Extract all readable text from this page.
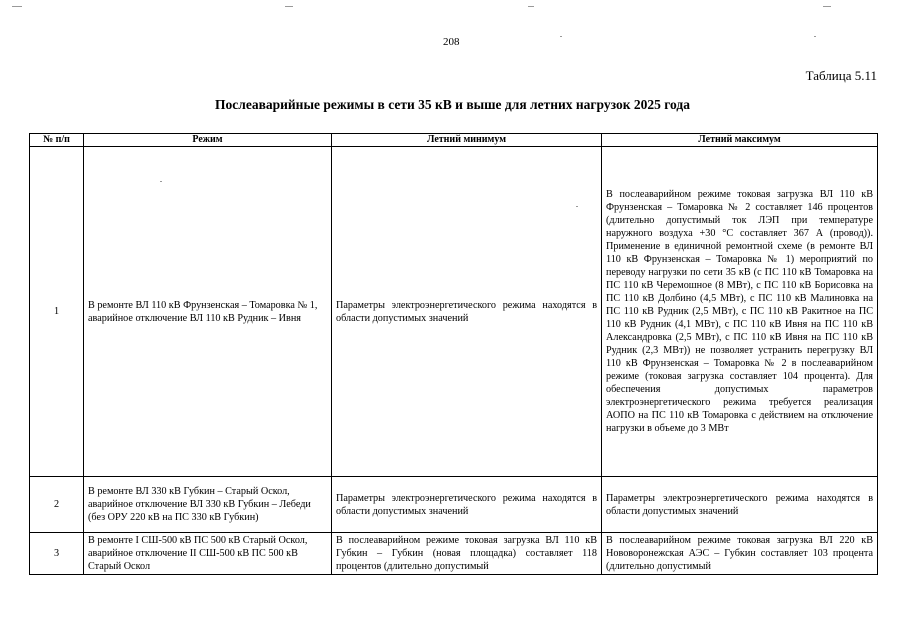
208
Таблица 5.11
Послеаварийные режимы в сети 35 кВ и выше для летних нагрузок 2025 года
№ п/п	Режим	Летний минимум	Летний максимум
1	В ремонте ВЛ 110 кВ Фрунзенская – Томаровка № 1, аварийное отключение ВЛ 110 кВ Рудник – Ивня	Параметры электроэнергетического режима находятся в области допустимых значений	В послеаварийном режиме токовая загрузка ВЛ 110 кВ Фрунзенская – Томаровка № 2 составляет 146 процентов (длительно допустимый ток ЛЭП при температуре наружного воздуха +30 °С составляет 367 А (провод)). Применение в единичной ремонтной схеме (в ремонте ВЛ 110 кВ Фрунзенская – Томаровка № 1) мероприятий по переводу нагрузки по сети 35 кВ (с ПС 110 кВ Томаровка на ПС 110 кВ Черемошное (8 МВт), с ПС 110 кВ Борисовка на ПС 110 кВ Долбино (4,5 МВт), с ПС 110 кВ Малиновка на ПС 110 кВ Рудник (2,5 МВт), с ПС 110 кВ Ракитное на ПС 110 кВ Рудник (4,1 МВт), с ПС 110 кВ Ивня на ПС 110 кВ Александровка (2,5 МВт), с ПС 110 кВ Ивня на ПС 110 кВ Рудник (2,3 МВт)) не позволяет устранить перегрузку ВЛ 110 кВ Фрунзенская – Томаровка № 2 в послеаварийном режиме (токовая загрузка составляет 104 процента). Для обеспечения допустимых параметров электроэнергетического режима требуется реализация АОПО на ПС 110 кВ Томаровка с действием на отключение нагрузки в объеме до 3 МВт
2	В ремонте ВЛ 330 кВ Губкин – Старый Оскол, аварийное отключение ВЛ 330 кВ Губкин – Лебеди (без ОРУ 220 кВ на ПС 330 кВ Губкин)	Параметры электроэнергетического режима находятся в области допустимых значений	Параметры электроэнергетического режима находятся в области допустимых значений
3	В ремонте I СШ-500 кВ ПС 500 кВ Старый Оскол, аварийное отключение II СШ-500 кВ ПС 500 кВ Старый Оскол	В послеаварийном режиме токовая загрузка ВЛ 110 кВ Губкин – Губкин (новая площадка) составляет 118 процентов (длительно допустимый	В послеаварийном режиме токовая загрузка ВЛ 220 кВ Нововоронежская АЭС – Губкин составляет 103 процента (длительно допустимый
